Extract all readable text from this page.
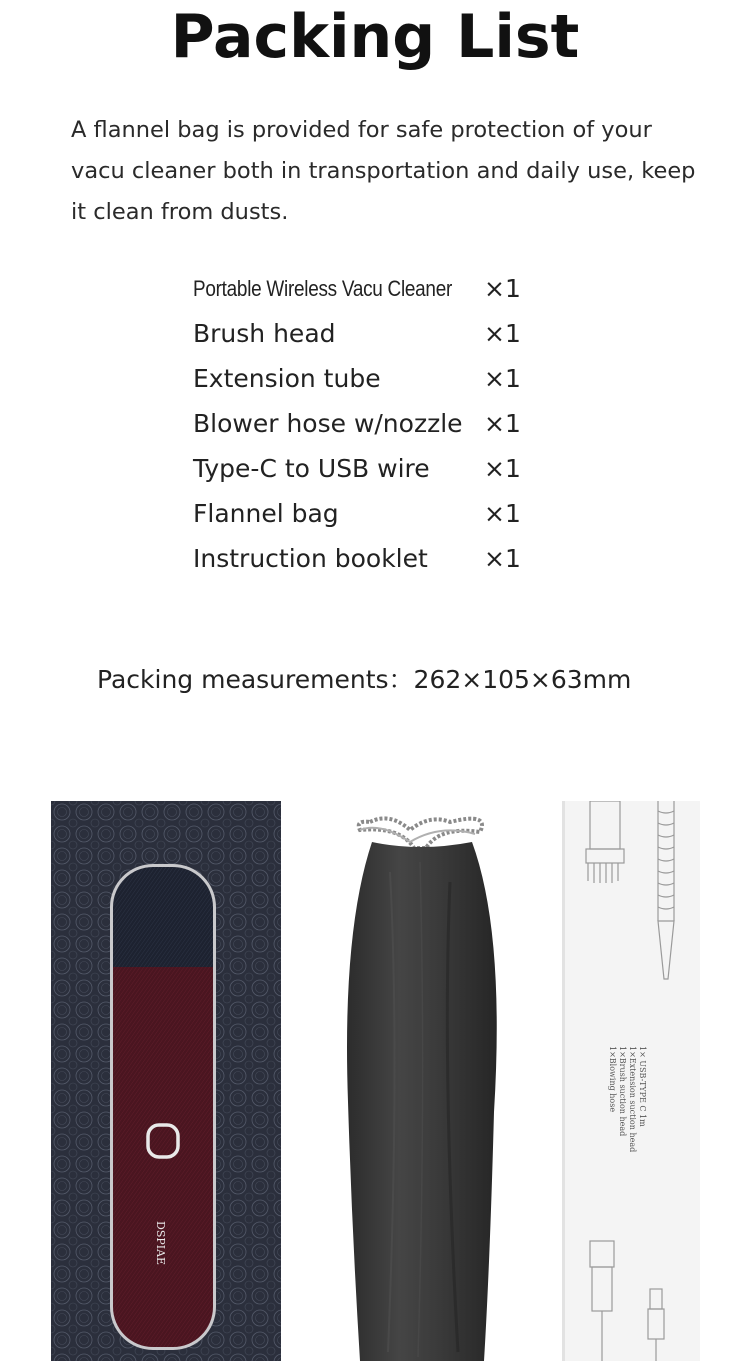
Packing List
A flannel bag is provided for safe protection of your vacu cleaner both in transportation and daily use, keep it clean from dusts.
Portable Wireless Vacu Cleaner ×1
Brush head	×1
Extension tube	×1
Blower hose w/nozzle ×1
Type-C to USB wire ×1
Flannel bag	×1
Instruction booklet ×1
Packing measurements：262×105×63mm
DSPIAE
1× USB-TYPE C 1m
1×Extension suction head
1×Brush suction head
1×Blowing hose
